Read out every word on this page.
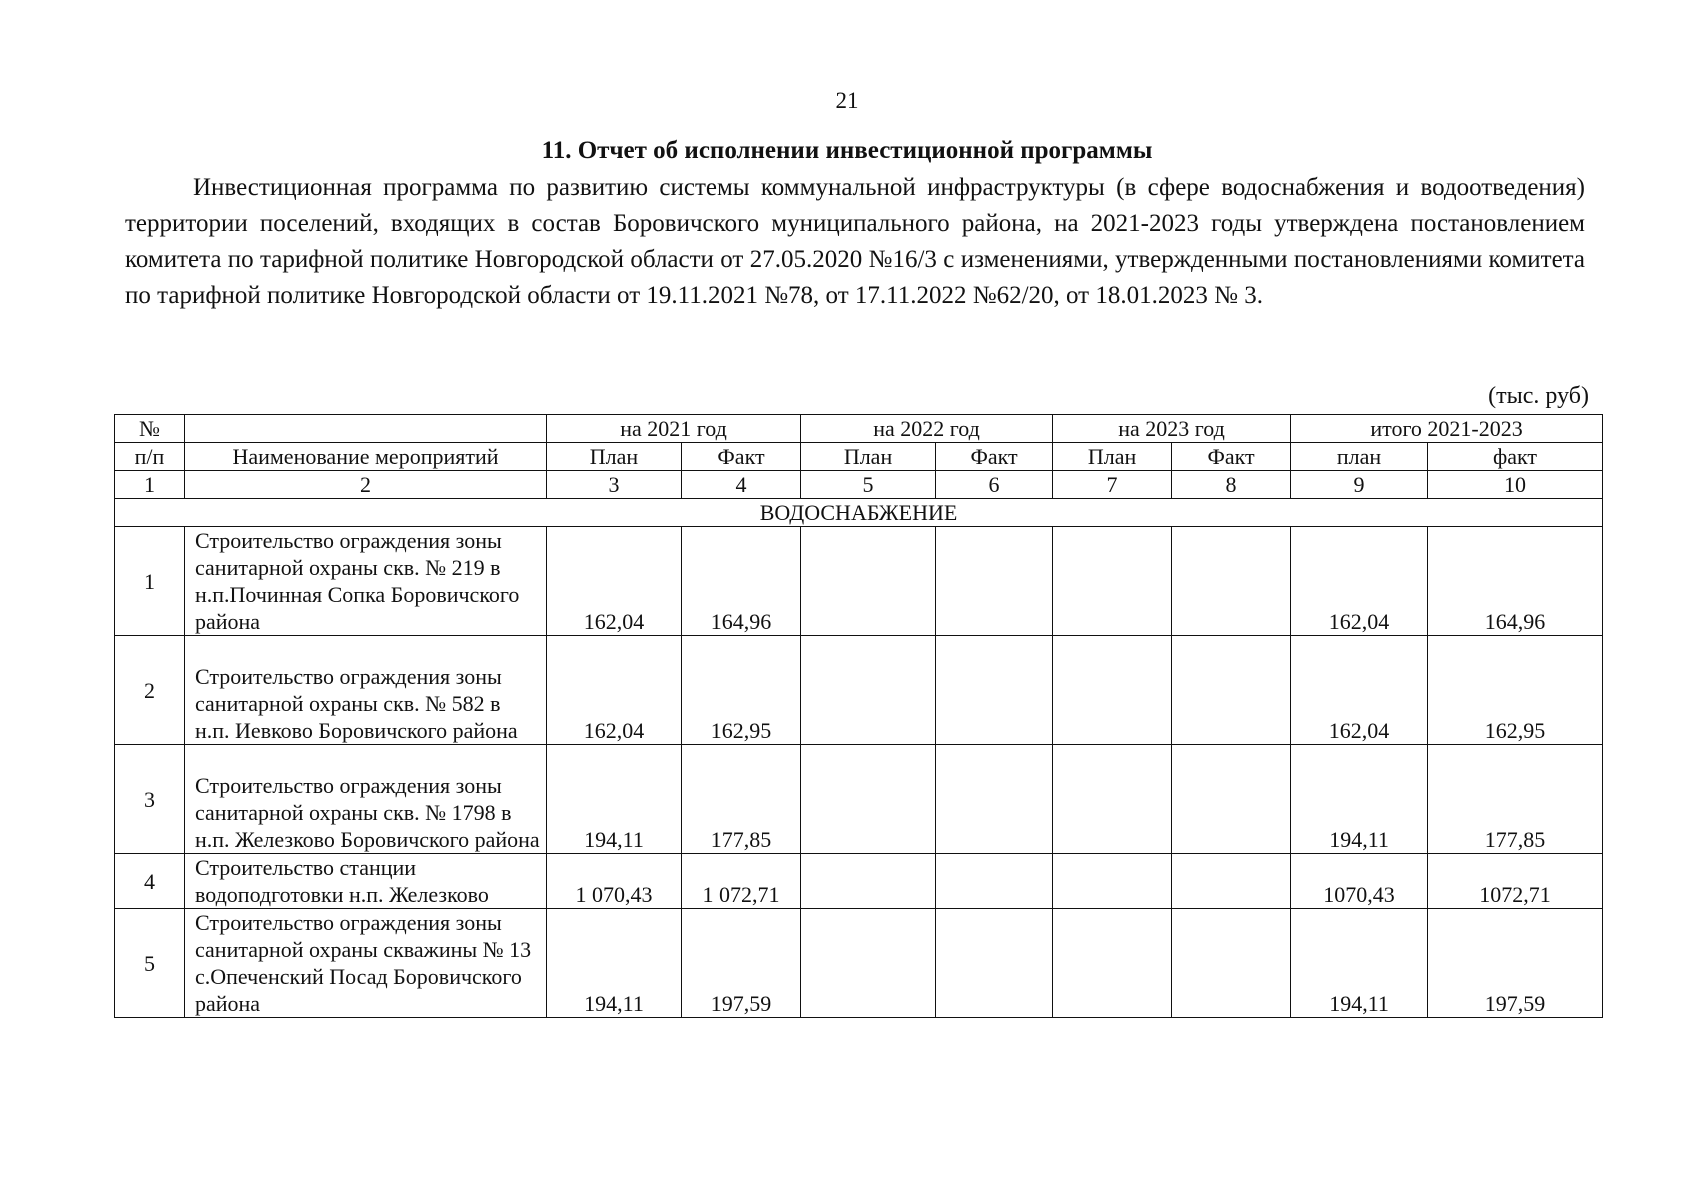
21
11. Отчет об исполнении инвестиционной программы

Инвестиционная программа по развитию системы коммунальной инфраструктуры (в сфере водоснабжения и водоотведения) территории поселений, входящих в состав Боровичского муниципального района, на 2021-2023 годы утверждена постановлением комитета по тарифной политике Новгородской области от 27.05.2020 №16/3 с изменениями, утвержденными постановлениями комитета по тарифной политике Новгородской области от 19.11.2021 №78, от 17.11.2022 №62/20, от 18.01.2023 № 3.

(тыс. руб)
№		на 2021 год		на 2022 год		на 2023 год		итого 2021-2023	
п/п	Наименование мероприятий	План	Факт	План	Факт	План	Факт	план	факт
1	2	3	4	5	6	7	8	9	10
ВОДОСНАБЖЕНИЕ									
1	Строительство ограждения зоны санитарной охраны скв. № 219 в н.п.Починная Сопка Боровичского района	162,04	164,96					162,04	164,96
2	Строительство ограждения зоны санитарной охраны скв. № 582 в н.п. Иевково Боровичского района	162,04	162,95					162,04	162,95
3	Строительство ограждения зоны санитарной охраны скв. № 1798 в н.п. Железково Боровичского района	194,11	177,85					194,11	177,85
4	Строительство станции водоподготовки н.п. Железково	1 070,43	1 072,71					1070,43	1072,71
5	Строительство ограждения зоны санитарной охраны скважины № 13 с.Опеченский Посад Боровичского района	194,11	197,59					194,11	197,59
